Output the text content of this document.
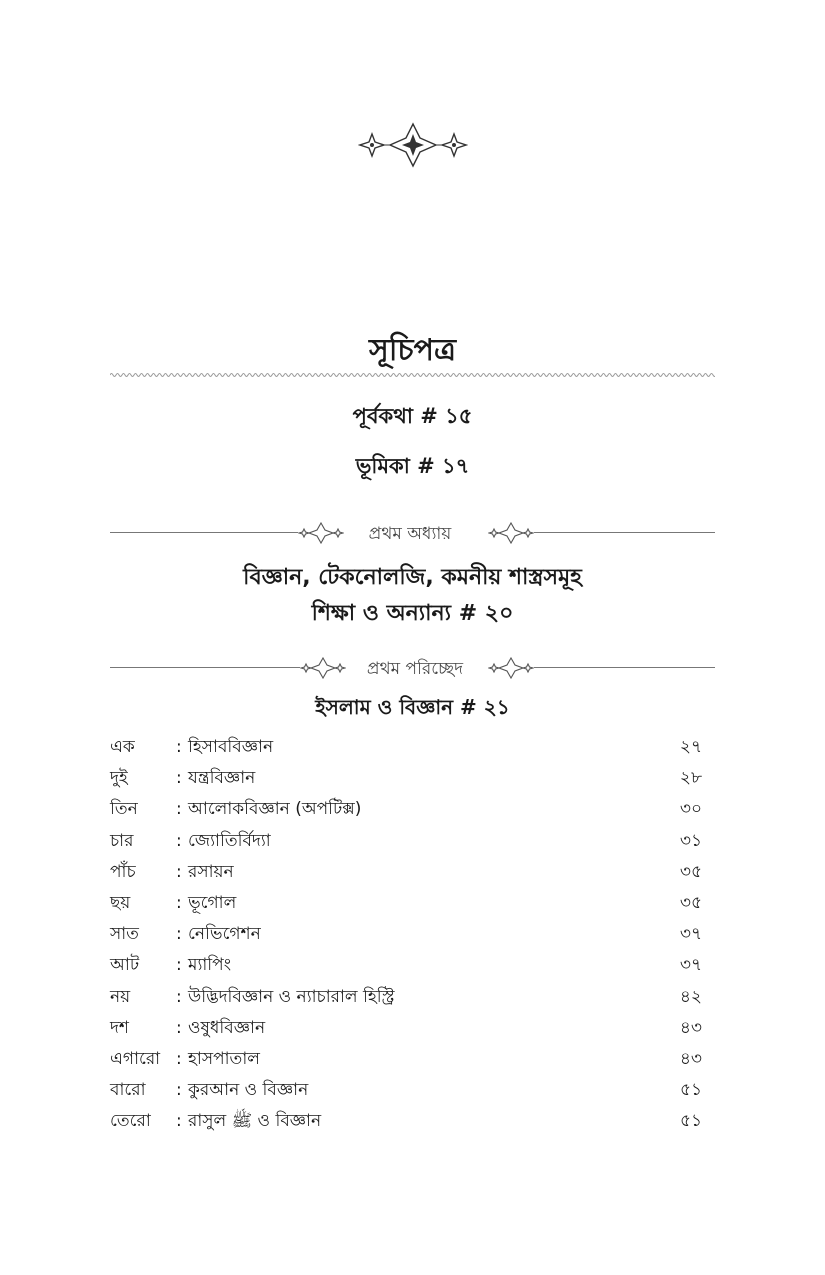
সূচিপত্র
পূর্বকথা # ১৫
ভূমিকা # ১৭
প্রথম অধ্যায়
বিজ্ঞান, টেকনোলজি, কমনীয় শাস্ত্রসমূহ
শিক্ষা ও অন্যান্য # ২০
প্রথম পরিচ্ছেদ
ইসলাম ও বিজ্ঞান # ২১
এক : হিসাববিজ্ঞান	২৭
দুই	: যন্ত্রবিজ্ঞান	২৮
তিন : আলোকবিজ্ঞান (অপটিক্স)	৩০
চার	: জ্যোতির্বিদ্যা	৩১
পাঁচ : রসায়ন	৩৫
ছয়	: ভূগোল	৩৫
সাত : নেভিগেশন	৩৭
আট : ম্যাপিং	৩৭
নয়	: উদ্ভিদবিজ্ঞান ও ন্যাচারাল হিস্ট্রি	৪২
দশ	: ওষুধবিজ্ঞান	৪৩
এগারো : হাসপাতাল	৪৩
বারো : কুরআন ও বিজ্ঞান	৫১
তেরো : রাসুল ﷺ ও বিজ্ঞান	৫১
